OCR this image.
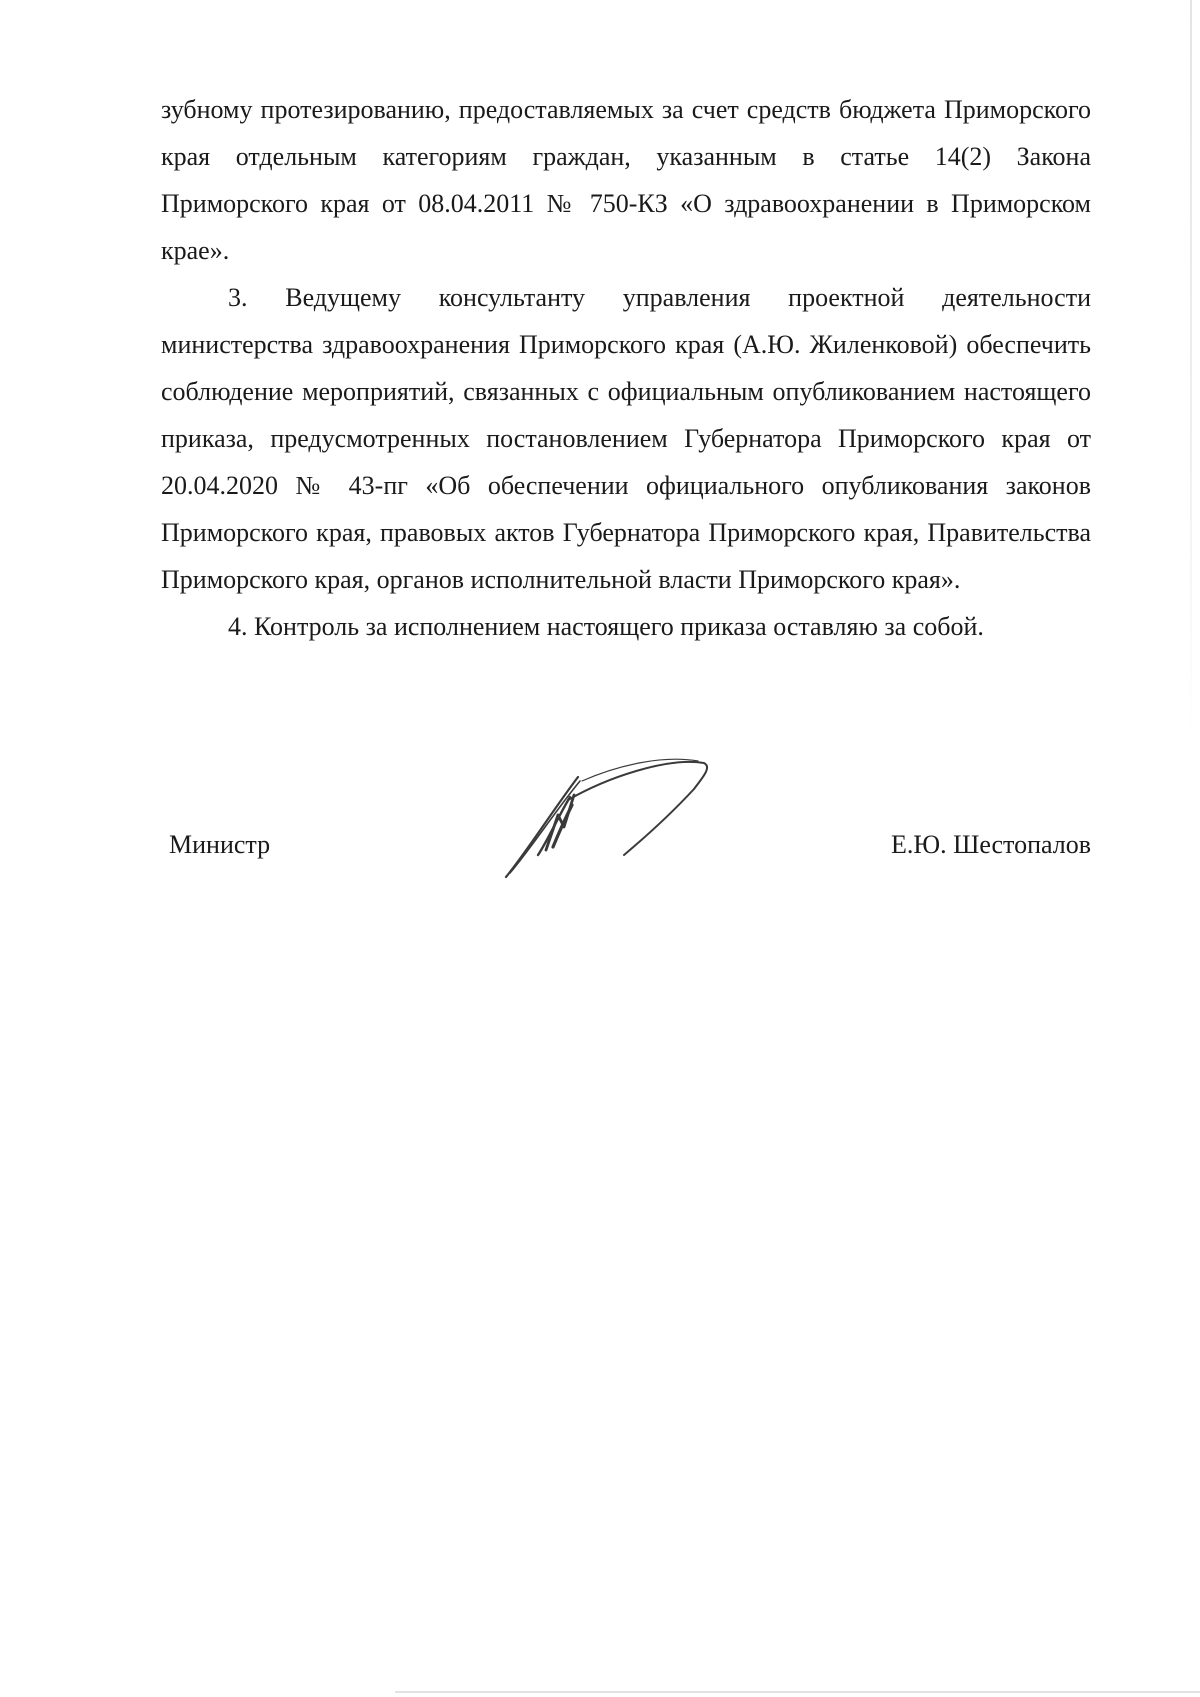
зубному протезированию, предоставляемых за счет средств бюджета Приморского края отдельным категориям граждан, указанным в статье 14(2) Закона Приморского края от 08.04.2011 № 750-КЗ «О здравоохранении в Приморском крае».

3. Ведущему консультанту управления проектной деятельности министерства здравоохранения Приморского края (А.Ю. Жиленковой) обеспечить соблюдение мероприятий, связанных с официальным опубликованием настоящего приказа, предусмотренных постановлением Губернатора Приморского края от 20.04.2020 № 43-пг «Об обеспечении официального опубликования законов Приморского края, правовых актов Губернатора Приморского края, Правительства Приморского края, органов исполнительной власти Приморского края».

4. Контроль за исполнением настоящего приказа оставляю за собой.

Министр	Е.Ю. Шестопалов
